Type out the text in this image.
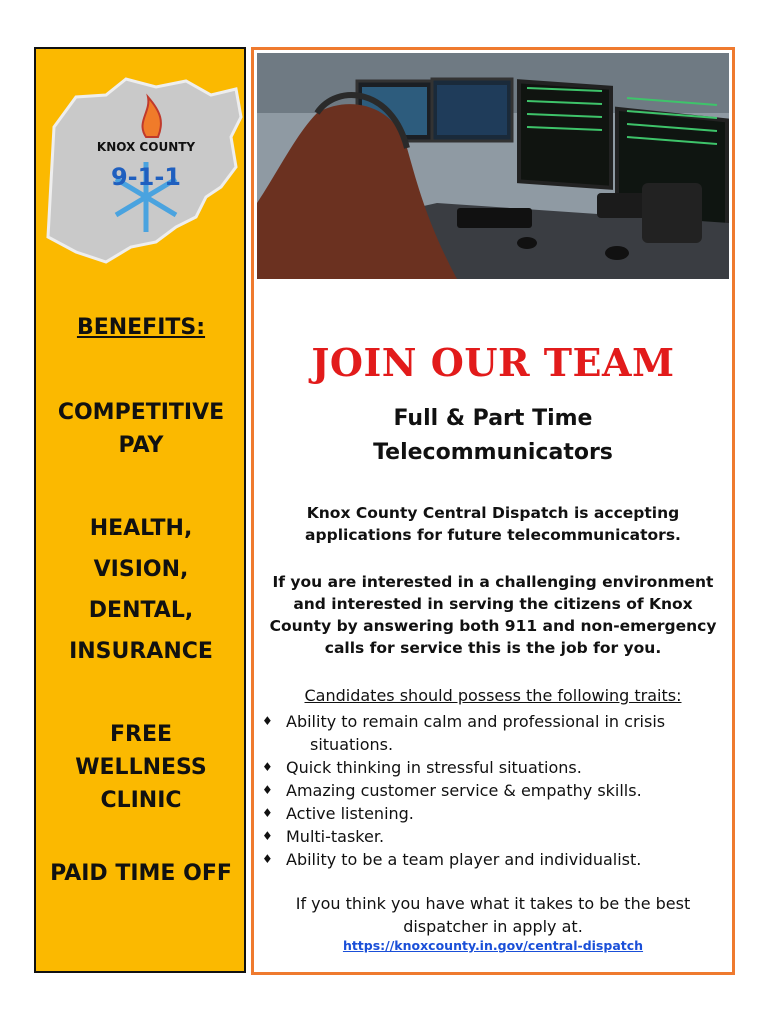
KNOX COUNTY
9-1-1
BENEFITS:
COMPETITIVE
PAY
HEALTH,
VISION,
DENTAL,
INSURANCE
FREE
WELLNESS
CLINIC
PAID TIME OFF
JOIN OUR TEAM
Full & Part Time
Telecommunicators
Knox County Central Dispatch is accepting
applications for future telecommunicators.
If you are interested in a challenging environment
and interested in serving the citizens of Knox
County by answering both 911 and non-emergency
calls for service this is the job for you.
Candidates should possess the following traits:
♦ Ability to remain calm and professional in crisis
situations.
♦ Quick thinking in stressful situations.
♦ Amazing customer service & empathy skills.
♦ Active listening.
♦ Multi-tasker.
♦ Ability to be a team player and individualist.
If you think you have what it takes to be the best
dispatcher in apply at.
https://knoxcounty.in.gov/central-dispatch
